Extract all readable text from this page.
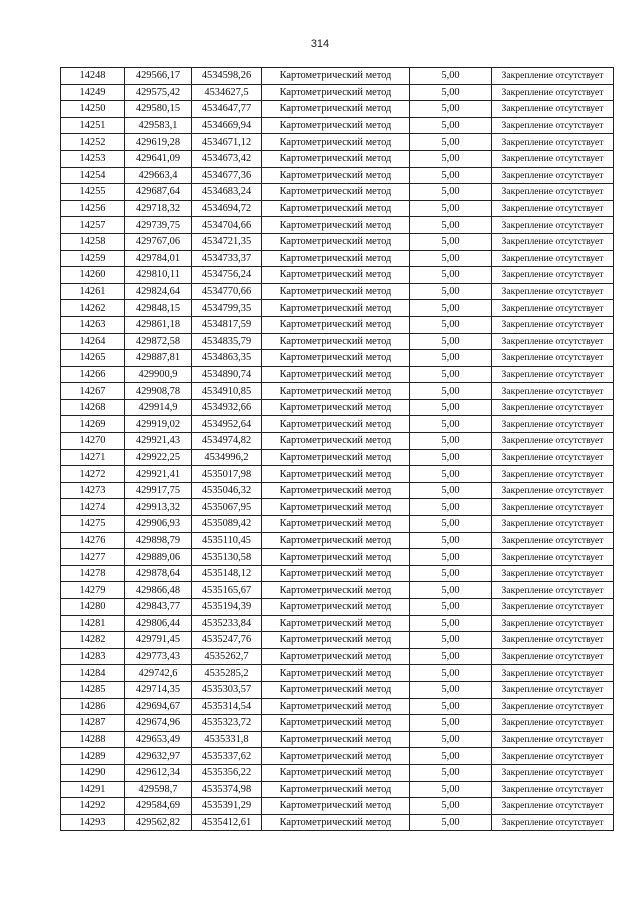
314
14248	429566,17	4534598,26	Картометрический метод	5,00	Закрепление отсутствует
14249	429575,42	4534627,5	Картометрический метод	5,00	Закрепление отсутствует
14250	429580,15	4534647,77	Картометрический метод	5,00	Закрепление отсутствует
14251	429583,1	4534669,94	Картометрический метод	5,00	Закрепление отсутствует
14252	429619,28	4534671,12	Картометрический метод	5,00	Закрепление отсутствует
14253	429641,09	4534673,42	Картометрический метод	5,00	Закрепление отсутствует
14254	429663,4	4534677,36	Картометрический метод	5,00	Закрепление отсутствует
14255	429687,64	4534683,24	Картометрический метод	5,00	Закрепление отсутствует
14256	429718,32	4534694,72	Картометрический метод	5,00	Закрепление отсутствует
14257	429739,75	4534704,66	Картометрический метод	5,00	Закрепление отсутствует
14258	429767,06	4534721,35	Картометрический метод	5,00	Закрепление отсутствует
14259	429784,01	4534733,37	Картометрический метод	5,00	Закрепление отсутствует
14260	429810,11	4534756,24	Картометрический метод	5,00	Закрепление отсутствует
14261	429824,64	4534770,66	Картометрический метод	5,00	Закрепление отсутствует
14262	429848,15	4534799,35	Картометрический метод	5,00	Закрепление отсутствует
14263	429861,18	4534817,59	Картометрический метод	5,00	Закрепление отсутствует
14264	429872,58	4534835,79	Картометрический метод	5,00	Закрепление отсутствует
14265	429887,81	4534863,35	Картометрический метод	5,00	Закрепление отсутствует
14266	429900,9	4534890,74	Картометрический метод	5,00	Закрепление отсутствует
14267	429908,78	4534910,85	Картометрический метод	5,00	Закрепление отсутствует
14268	429914,9	4534932,66	Картометрический метод	5,00	Закрепление отсутствует
14269	429919,02	4534952,64	Картометрический метод	5,00	Закрепление отсутствует
14270	429921,43	4534974,82	Картометрический метод	5,00	Закрепление отсутствует
14271	429922,25	4534996,2	Картометрический метод	5,00	Закрепление отсутствует
14272	429921,41	4535017,98	Картометрический метод	5,00	Закрепление отсутствует
14273	429917,75	4535046,32	Картометрический метод	5,00	Закрепление отсутствует
14274	429913,32	4535067,95	Картометрический метод	5,00	Закрепление отсутствует
14275	429906,93	4535089,42	Картометрический метод	5,00	Закрепление отсутствует
14276	429898,79	4535110,45	Картометрический метод	5,00	Закрепление отсутствует
14277	429889,06	4535130,58	Картометрический метод	5,00	Закрепление отсутствует
14278	429878,64	4535148,12	Картометрический метод	5,00	Закрепление отсутствует
14279	429866,48	4535165,67	Картометрический метод	5,00	Закрепление отсутствует
14280	429843,77	4535194,39	Картометрический метод	5,00	Закрепление отсутствует
14281	429806,44	4535233,84	Картометрический метод	5,00	Закрепление отсутствует
14282	429791,45	4535247,76	Картометрический метод	5,00	Закрепление отсутствует
14283	429773,43	4535262,7	Картометрический метод	5,00	Закрепление отсутствует
14284	429742,6	4535285,2	Картометрический метод	5,00	Закрепление отсутствует
14285	429714,35	4535303,57	Картометрический метод	5,00	Закрепление отсутствует
14286	429694,67	4535314,54	Картометрический метод	5,00	Закрепление отсутствует
14287	429674,96	4535323,72	Картометрический метод	5,00	Закрепление отсутствует
14288	429653,49	4535331,8	Картометрический метод	5,00	Закрепление отсутствует
14289	429632,97	4535337,62	Картометрический метод	5,00	Закрепление отсутствует
14290	429612,34	4535356,22	Картометрический метод	5,00	Закрепление отсутствует
14291	429598,7	4535374,98	Картометрический метод	5,00	Закрепление отсутствует
14292	429584,69	4535391,29	Картометрический метод	5,00	Закрепление отсутствует
14293	429562,82	4535412,61	Картометрический метод	5,00	Закрепление отсутствует
